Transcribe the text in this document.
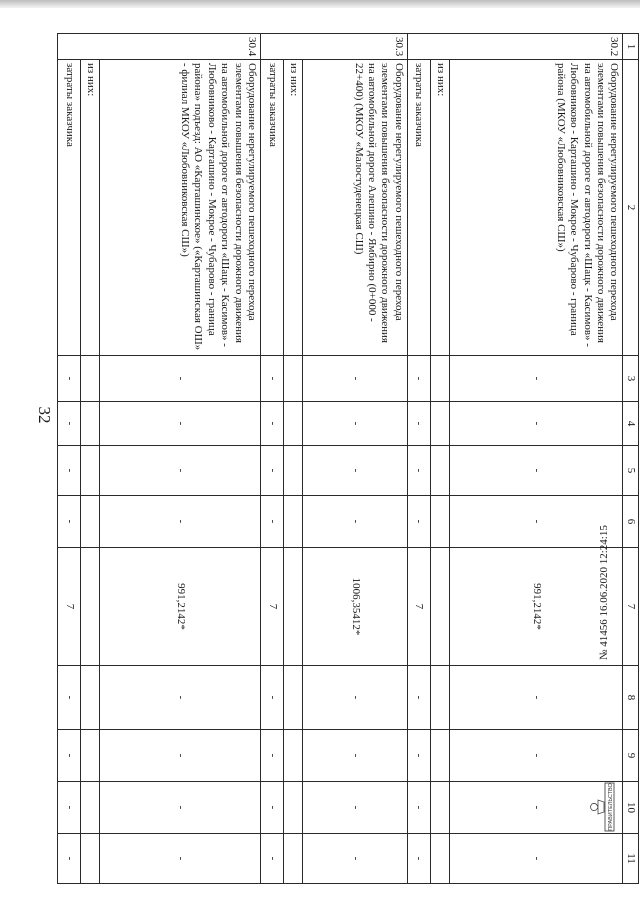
32
1	2	3	4	5	6	7	8	9	10	11
30.2	Оборудование нерегулируемого пешеходного перехода элементами повышения безопасности дорожного движения на автомобильной дороге от автодороги «Шацк - Касимов» - Любовниково - Карташино - Мокрое - Чубарово - граница района (МКОУ «Любовниковская СШ»)	-	-	-	-	991,2142*	-	-	-	-
	из них:									
	затраты заказчика	-	-	-	-	7	-	-	-	-
30.3	Оборудование нерегулируемого пешеходного перехода элементами повышения безопасности дорожного движения на автомобильной дороге Алешино - Ямбирно (0+000 - 22+400) (МКОУ «Малостуденецкая СШ)	-	-	-	-	1006,35412*	-	-	-	-
	из них:									
	затраты заказчика	-	-	-	-	7	-	-	-	-
30.4	Оборудование нерегулируемого пешеходного перехода элементами повышения безопасности дорожного движения на автомобильной дороге от автодороги «Шацк - Касимов» - Любовниково - Карташино - Мокрое - Чубарово - граница района» подъезд: АО «Карташинское» («Карташинская ОШ» - филиал МКОУ «Любовниковская СШ»)	-	-	-	-	991,2142*	-	-	-	-
	из них:									
	затраты заказчика	-	-	-	-	7	-	-	-	-
№ 41456 16.06.2020 12:24:15
ПРАВИТЕЛЬСТВО
